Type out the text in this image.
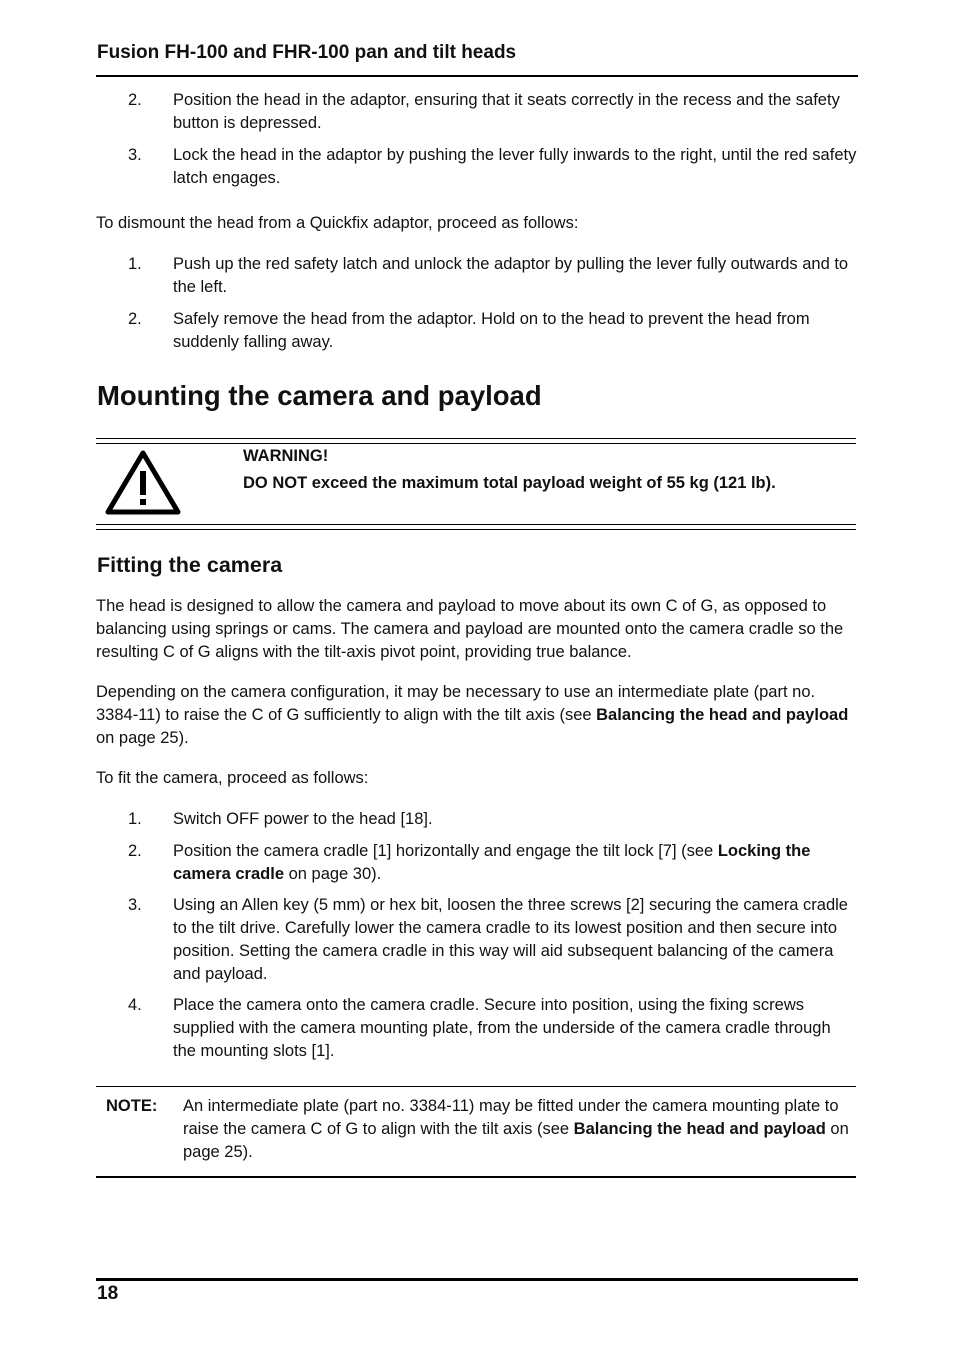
Fusion FH-100 and FHR-100 pan and tilt heads
2. Position the head in the adaptor, ensuring that it seats correctly in the recess and the safety button is depressed.
3. Lock the head in the adaptor by pushing the lever fully inwards to the right, until the red safety latch engages.
To dismount the head from a Quickfix adaptor, proceed as follows:
1. Push up the red safety latch and unlock the adaptor by pulling the lever fully outwards and to the left.
2. Safely remove the head from the adaptor. Hold on to the head to prevent the head from suddenly falling away.
Mounting the camera and payload
WARNING!
DO NOT exceed the maximum total payload weight of 55 kg (121 lb).
Fitting the camera
The head is designed to allow the camera and payload to move about its own C of G, as opposed to balancing using springs or cams. The camera and payload are mounted onto the camera cradle so the resulting C of G aligns with the tilt-axis pivot point, providing true balance.
Depending on the camera configuration, it may be necessary to use an intermediate plate (part no. 3384-11) to raise the C of G sufficiently to align with the tilt axis (see Balancing the head and payload on page 25).
To fit the camera, proceed as follows:
1. Switch OFF power to the head [18].
2. Position the camera cradle [1] horizontally and engage the tilt lock [7] (see Locking the camera cradle on page 30).
3. Using an Allen key (5 mm) or hex bit, loosen the three screws [2] securing the camera cradle to the tilt drive. Carefully lower the camera cradle to its lowest position and then secure into position. Setting the camera cradle in this way will aid subsequent balancing of the camera and payload.
4. Place the camera onto the camera cradle. Secure into position, using the fixing screws supplied with the camera mounting plate, from the underside of the camera cradle through the mounting slots [1].
NOTE: An intermediate plate (part no. 3384-11) may be fitted under the camera mounting plate to raise the camera C of G to align with the tilt axis (see Balancing the head and payload on page 25).
18
